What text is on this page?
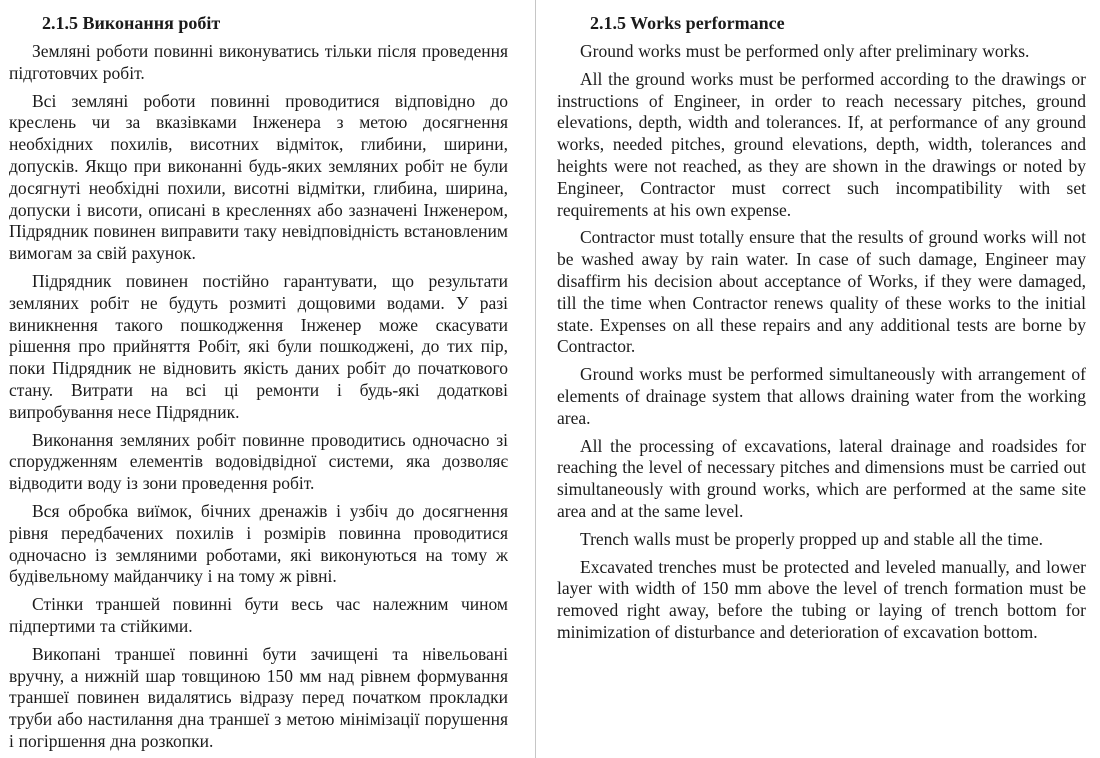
2.1.5 Виконання робіт

Земляні роботи повинні виконуватись тільки після проведення підготовчих робіт.

Всі земляні роботи повинні проводитися відповідно до креслень чи за вказівками Інженера з метою досягнення необхідних похилів, висотних відміток, глибини, ширини, допусків. Якщо при виконанні будь-яких земляних робіт не були досягнуті необхідні похили, висотні відмітки, глибина, ширина, допуски і висоти, описані в кресленнях або зазначені Інженером, Підрядник повинен виправити таку невідповідність встановленим вимогам за свій рахунок.

Підрядник повинен постійно гарантувати, що результати земляних робіт не будуть розмиті дощовими водами. У разі виникнення такого пошкодження Інженер може скасувати рішення про прийняття Робіт, які були пошкоджені, до тих пір, поки Підрядник не відновить якість даних робіт до початкового стану. Витрати на всі ці ремонти і будь-які додаткові випробування несе Підрядник.

Виконання земляних робіт повинне проводитись одночасно зі спорудженням елементів водовідвідної системи, яка дозволяє відводити воду із зони проведення робіт.

Вся обробка виїмок, бічних дренажів і узбіч до досягнення рівня передбачених похилів і розмірів повинна проводитися одночасно із земляними роботами, які виконуються на тому ж будівельному майданчику і на тому ж рівні.

Стінки траншей повинні бути весь час належним чином підпертими та стійкими.

Викопані траншеї повинні бути зачищені та нівельовані вручну, а нижній шар товщиною 150 мм над рівнем формування траншеї повинен видалятись відразу перед початком прокладки труби або настилання дна траншеї з метою мінімізації порушення і погіршення дна розкопки.

2.1.5 Works performance

Ground works must be performed only after preliminary works.

All the ground works must be performed according to the drawings or instructions of Engineer, in order to reach necessary pitches, ground elevations, depth, width and tolerances. If, at performance of any ground works, needed pitches, ground elevations, depth, width, tolerances and heights were not reached, as they are shown in the drawings or noted by Engineer, Contractor must correct such incompatibility with set requirements at his own expense.

Contractor must totally ensure that the results of ground works will not be washed away by rain water. In case of such damage, Engineer may disaffirm his decision about acceptance of Works, if they were damaged, till the time when Contractor renews quality of these works to the initial state. Expenses on all these repairs and any additional tests are borne by Contractor.

Ground works must be performed simultaneously with arrangement of elements of drainage system that allows draining water from the working area.

All the processing of excavations, lateral drainage and roadsides for reaching the level of necessary pitches and dimensions must be carried out simultaneously with ground works, which are performed at the same site area and at the same level.

Trench walls must be properly propped up and stable all the time.

Excavated trenches must be protected and leveled manually, and lower layer with width of 150 mm above the level of trench formation must be removed right away, before the tubing or laying of trench bottom for minimization of disturbance and deterioration of excavation bottom.
